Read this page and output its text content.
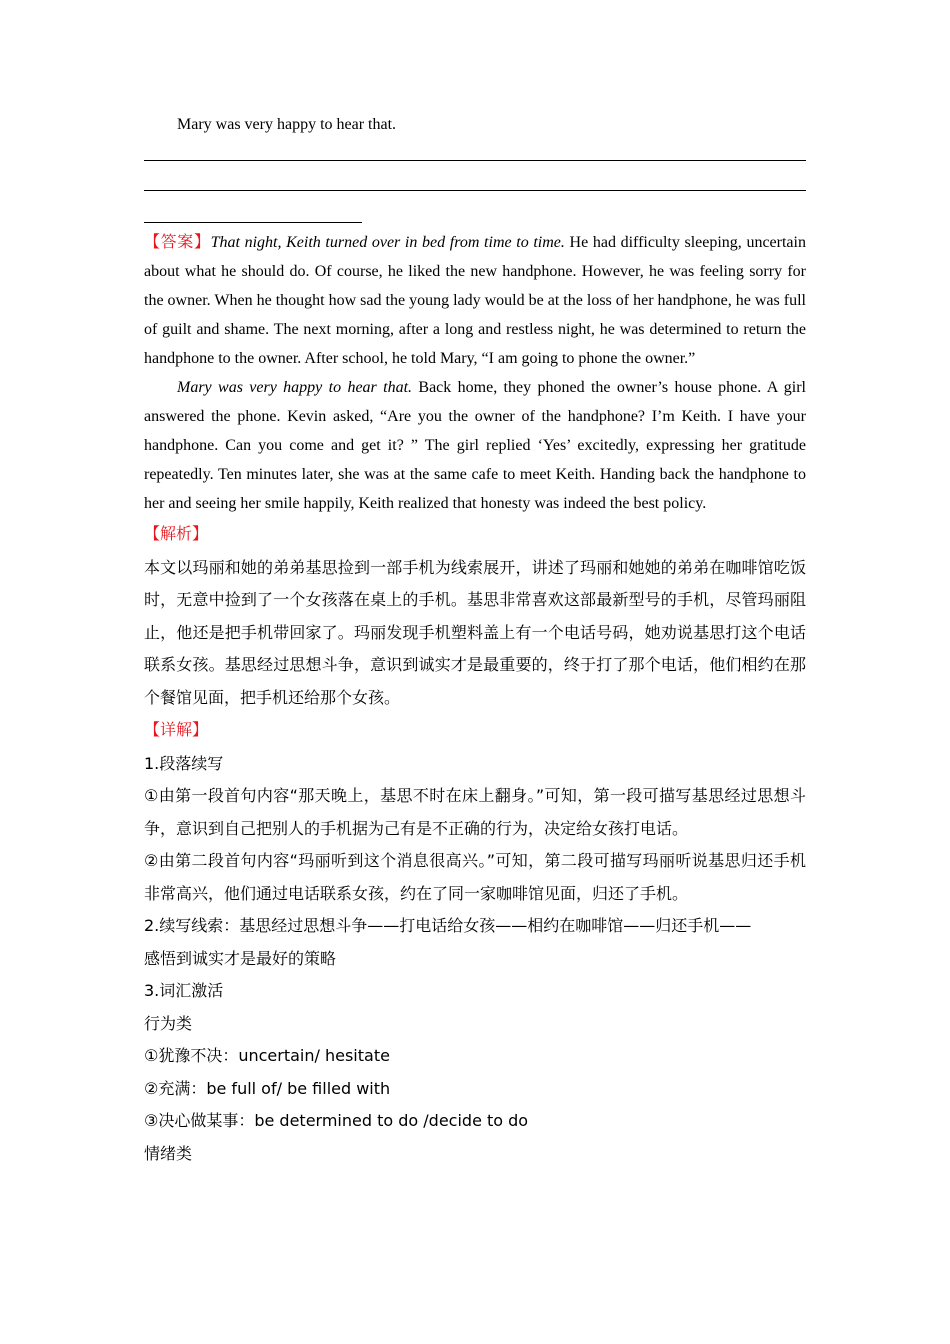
Mary was very happy to hear that.

【答案】That night, Keith turned over in bed from time to time. He had difficulty sleeping, uncertain about what he should do. Of course, he liked the new handphone. However, he was feeling sorry for the owner. When he thought how sad the young lady would be at the loss of her handphone, he was full of guilt and shame. The next morning, after a long and restless night, he was determined to return the handphone to the owner. After school, he told Mary, “I am going to phone the owner.”

Mary was very happy to hear that. Back home, they phoned the owner’s house phone. A girl answered the phone. Kevin asked, “Are you the owner of the handphone? I’m Keith. I have your handphone. Can you come and get it? ” The girl replied ‘Yes’ excitedly, expressing her gratitude repeatedly. Ten minutes later, she was at the same cafe to meet Keith. Handing back the handphone to her and seeing her smile happily, Keith realized that honesty was indeed the best policy.

【解析】

本文以玛丽和她的弟弟基思捡到一部手机为线索展开，讲述了玛丽和她她的弟弟在咖啡馆吃饭时，无意中捡到了一个女孩落在桌上的手机。基思非常喜欢这部最新型号的手机，尽管玛丽阻止，他还是把手机带回家了。玛丽发现手机塑料盖上有一个电话号码，她劝说基思打这个电话联系女孩。基思经过思想斗争，意识到诚实才是最重要的，终于打了那个电话，他们相约在那个餐馆见面，把手机还给那个女孩。

【详解】

1.段落续写

①由第一段首句内容“那天晚上，基思不时在床上翻身。”可知，第一段可描写基思经过思想斗争，意识到自己把别人的手机据为己有是不正确的行为，决定给女孩打电话。

②由第二段首句内容“玛丽听到这个消息很高兴。”可知，第二段可描写玛丽听说基思归还手机非常高兴，他们通过电话联系女孩，约在了同一家咖啡馆见面，归还了手机。

2.续写线索：基思经过思想斗争——打电话给女孩——相约在咖啡馆——归还手机——

感悟到诚实才是最好的策略

3.词汇激活

行为类

①犹豫不决：uncertain/ hesitate

②充满：be full of/ be filled with

③决心做某事：be determined to do /decide to do

情绪类
